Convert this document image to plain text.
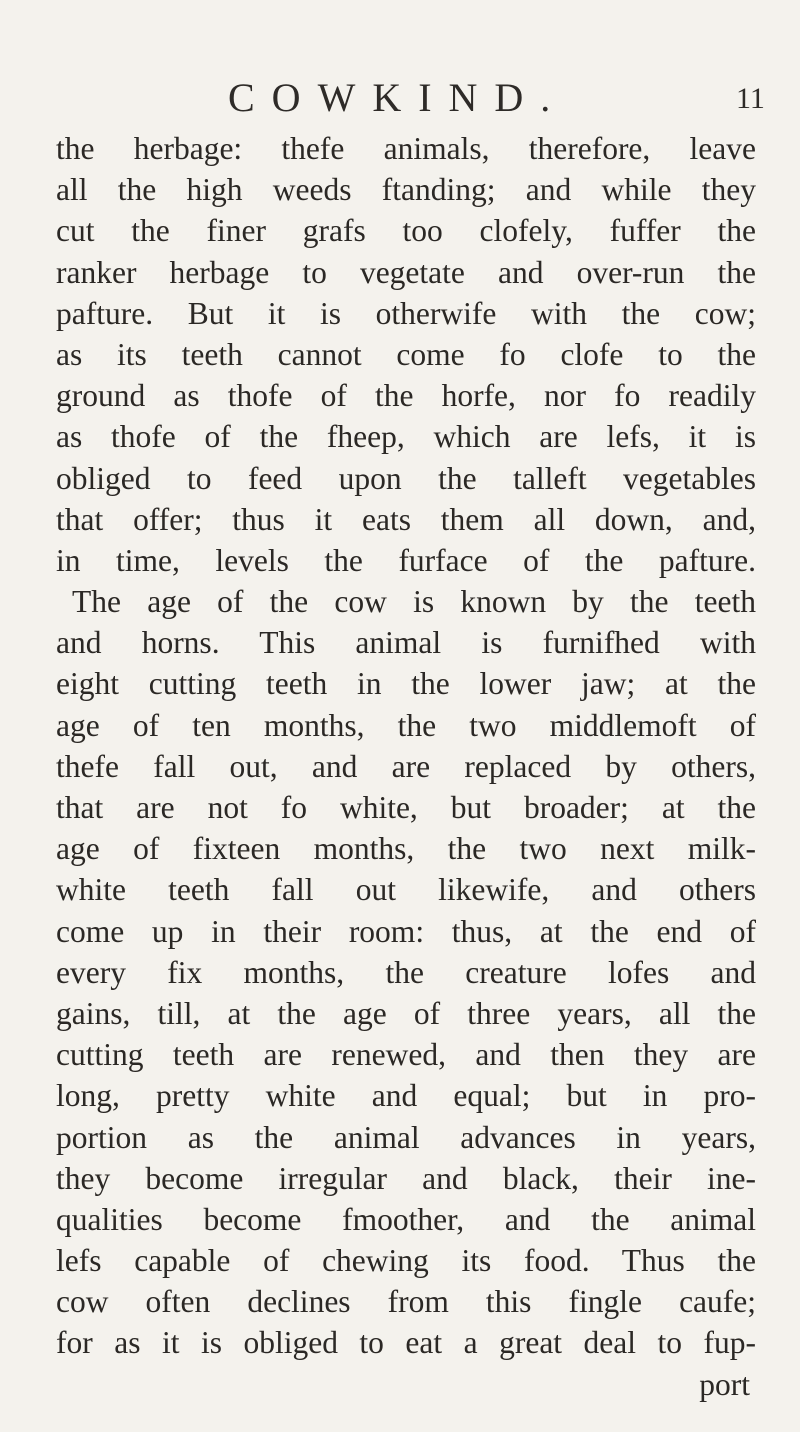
COWKIND.	11
the herbage: thefe animals, therefore, leave
all the high weeds ftanding; and while they
cut the finer grafs too clofely, fuffer the
ranker herbage to vegetate and over-run the
pafture. But it is otherwife with the cow;
as its teeth cannot come fo clofe to the
ground as thofe of the horfe, nor fo readily
as thofe of the fheep, which are lefs, it is
obliged to feed upon the talleft vegetables
that offer; thus it eats them all down, and,
in time, levels the furface of the pafture.
The age of the cow is known by the teeth
and horns. This animal is furnifhed with
eight cutting teeth in the lower jaw; at the
age of ten months, the two middlemoft of
thefe fall out, and are replaced by others,
that are not fo white, but broader; at the
age of fixteen months, the two next milk-
white teeth fall out likewife, and others
come up in their room: thus, at the end of
every fix months, the creature lofes and
gains, till, at the age of three years, all the
cutting teeth are renewed, and then they are
long, pretty white and equal; but in pro-
portion as the animal advances in years,
they become irregular and black, their ine-
qualities become fmoother, and the animal
lefs capable of chewing its food. Thus the
cow often declines from this fingle caufe;
for as it is obliged to eat a great deal to fup-
port
